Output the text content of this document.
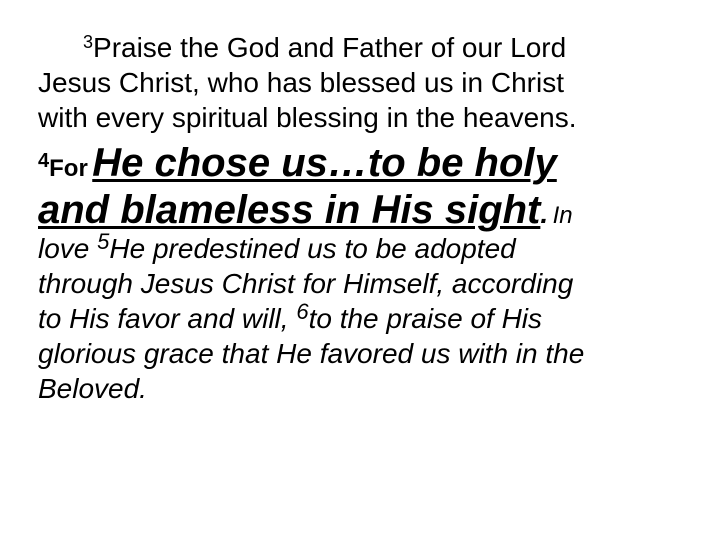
$^3$Praise the God and Father of our Lord
Jesus Christ, who has blessed us in Christ
with every spiritual blessing in the heavens.
4For He chose us…to be holy
and blameless in His sight. In
love $^5$He predestined us to be adopted
through Jesus Christ for Himself, according
to His favor and will, $^6$to the praise of His
glorious grace that He favored us with in the
Beloved.
